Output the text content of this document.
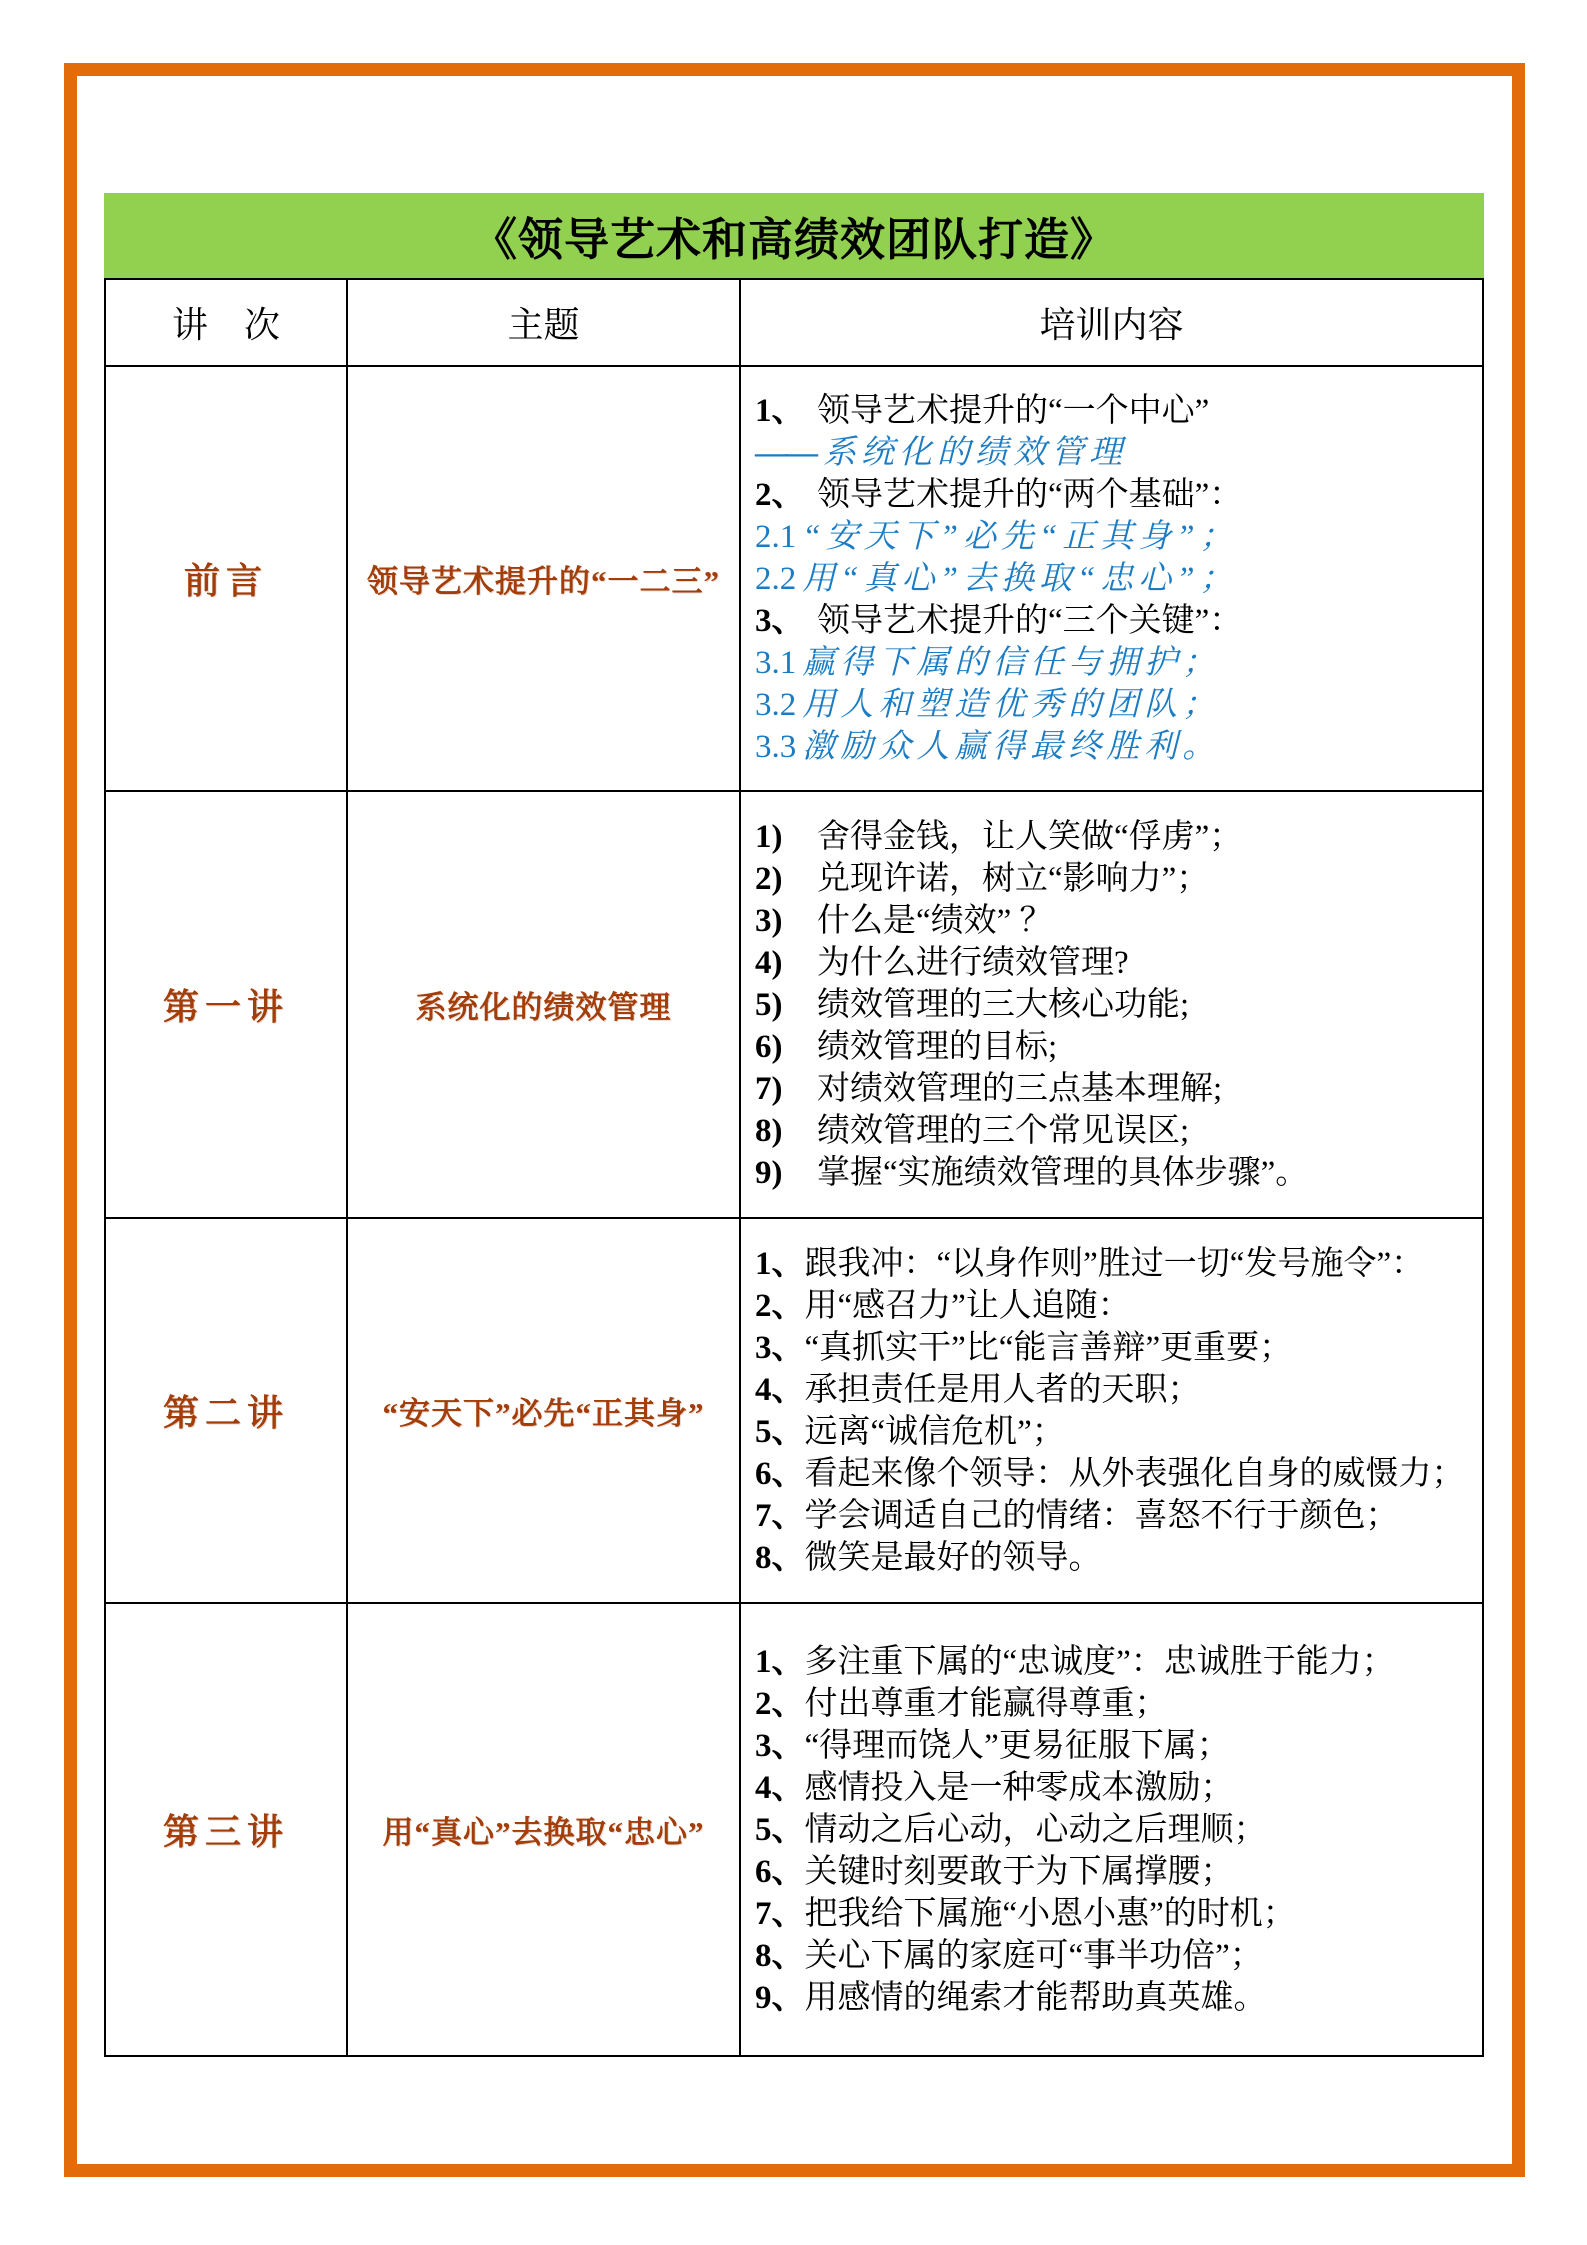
《领导艺术和高绩效团队打造》
讲　次	主题	培训内容
前言	领导艺术提升的“一二三”
1、 领导艺术提升的“一个中心”
—— 系统化的绩效管理
2、 领导艺术提升的“两个基础”：
2.1 “安天下”必先“正其身”；
2.2 用“真心”去换取“忠心”；
3、 领导艺术提升的“三个关键”：
3.1 赢得下属的信任与拥护；
3.2 用人和塑造优秀的团队；
3.3 激励众人赢得最终胜利。
第一讲	系统化的绩效管理
1)	舍得金钱，让人笑做“俘虏”；
2)	兑现许诺，树立“影响力”；
3)	什么是“绩效” ？
4)	为什么进行绩效管理?
5)	绩效管理的三大核心功能;
6)	绩效管理的目标;
7)	对绩效管理的三点基本理解;
8)	绩效管理的三个常见误区;
9)	掌握“实施绩效管理的具体步骤”。
第二讲	“安天下”必先“正其身”
1、 跟我冲：“以身作则”胜过一切“发号施令”：
2、 用“感召力”让人追随：
3、 “真抓实干”比“能言善辩”更重要；
4、 承担责任是用人者的天职；
5、 远离“诚信危机”；
6、 看起来像个领导：从外表强化自身的威慑力；
7、 学会调适自己的情绪：喜怒不行于颜色；
8、 微笑是最好的领导。
第三讲	用“真心”去换取“忠心”
1、 多注重下属的“忠诚度”：忠诚胜于能力；
2、 付出尊重才能赢得尊重；
3、 “得理而饶人”更易征服下属；
4、 感情投入是一种零成本激励；
5、 情动之后心动，心动之后理顺；
6、 关键时刻要敢于为下属撑腰；
7、 把我给下属施“小恩小惠”的时机；
8、 关心下属的家庭可“事半功倍”；
9、 用感情的绳索才能帮助真英雄。
